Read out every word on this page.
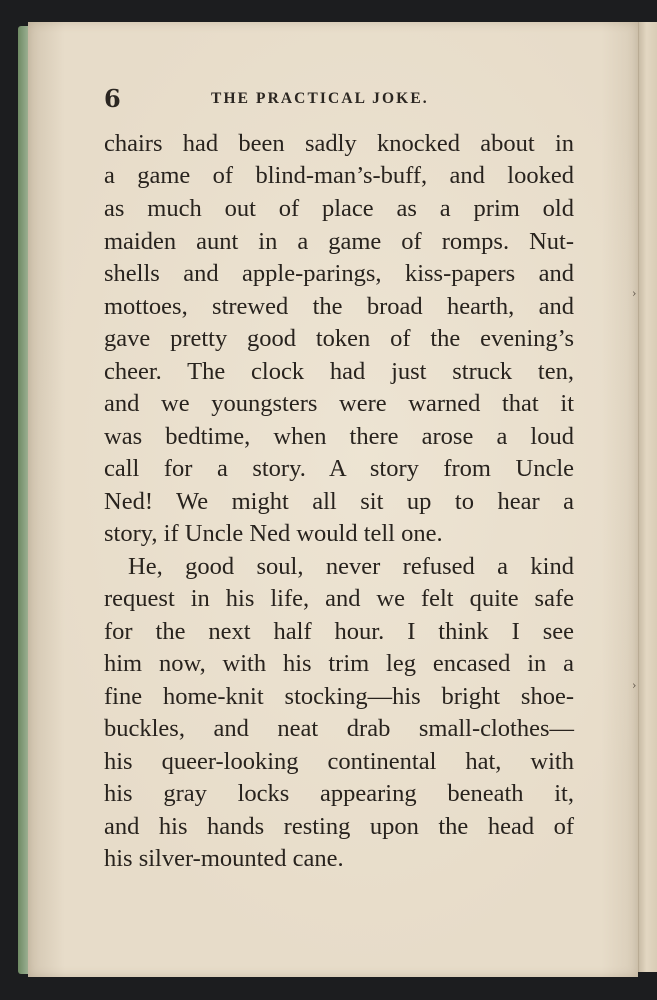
›
›
6	THE PRACTICAL JOKE.
chairs had been sadly knocked about in
a game of blind-man’s-buff, and looked
as much out of place as a prim old
maiden aunt in a game of romps. Nut-
shells and apple-parings, kiss-papers and
mottoes, strewed the broad hearth, and
gave pretty good token of the evening’s
cheer. The clock had just struck ten,
and we youngsters were warned that it
was bedtime, when there arose a loud
call for a story. A story from Uncle
Ned! We might all sit up to hear a
story, if Uncle Ned would tell one.
He, good soul, never refused a kind
request in his life, and we felt quite safe
for the next half hour. I think I see
him now, with his trim leg encased in a
fine home-knit stocking—his bright shoe-
buckles, and neat drab small-clothes—
his queer-looking continental hat, with
his gray locks appearing beneath it,
and his hands resting upon the head of
his silver-mounted cane.
